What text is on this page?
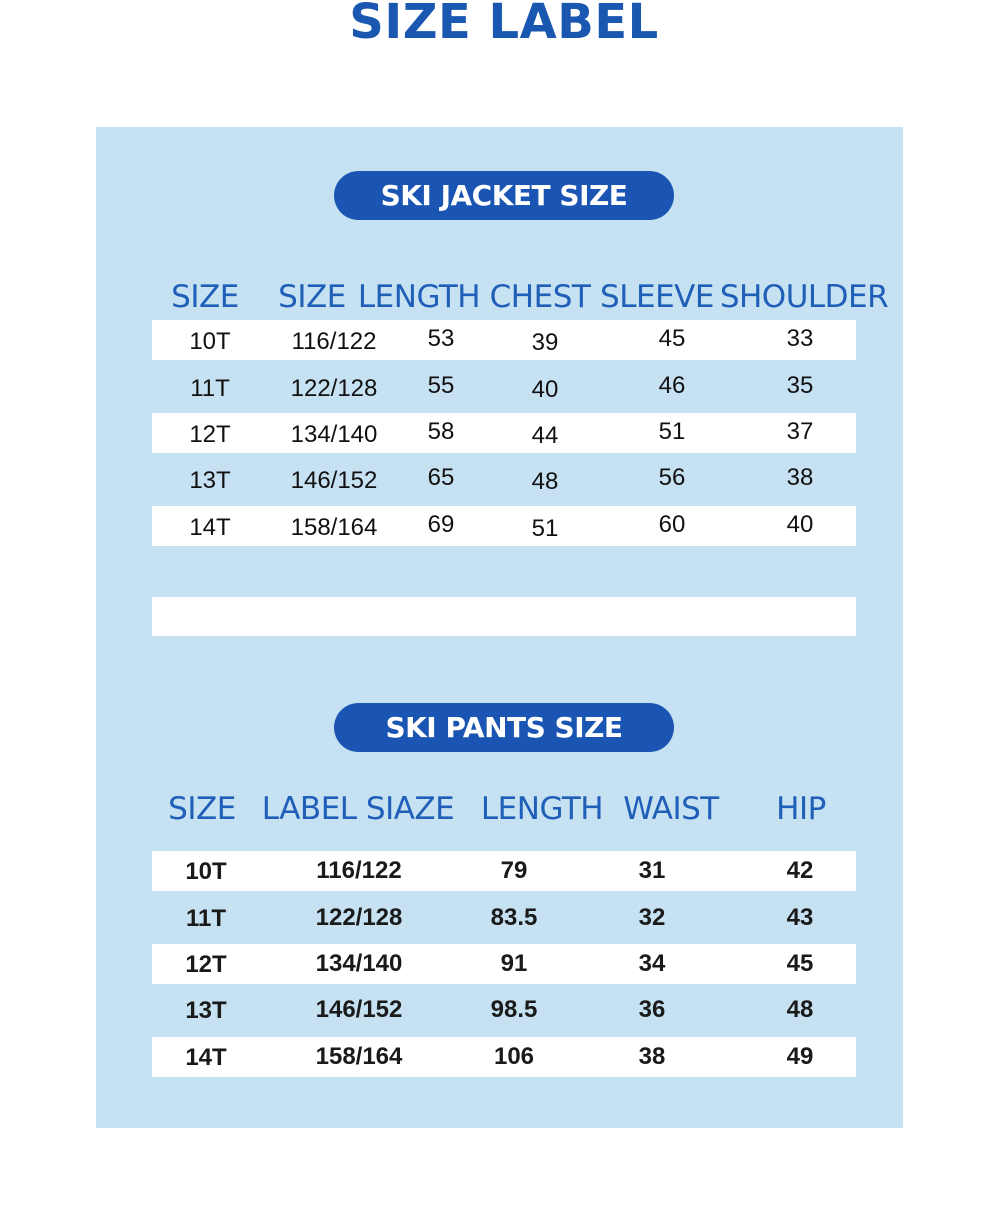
SIZE LABEL
SKI JACKET SIZE
SIZE SIZE LENGTH CHEST SLEEVE SHOULDER
10T	116/122 53	39	45	33
11T	122/128 55	40	46	35
12T 134/140 58	44	51	37
13T 146/152 65	48	56	38
14T 158/164 69	51	60	40
SKI PANTS SIZE
SIZE LABEL SIAZE LENGTH WAIST HIP
10T	116/122	79	31	42
11T	122/128	83.5	32	43
12T	134/140	91	34	45
13T	146/152	98.5	36	48
14T	158/164	106	38	49
